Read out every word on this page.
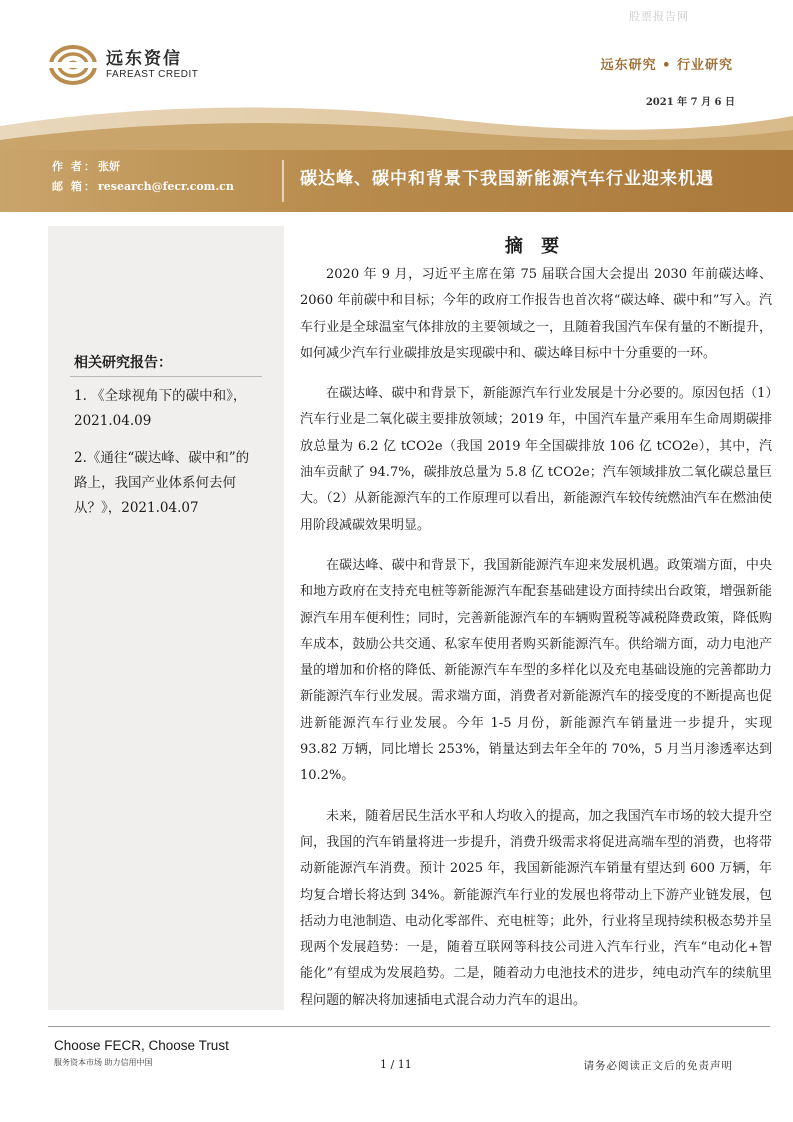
股票报告网
远东资信
FAREAST CREDIT
远东研究 • 行业研究
2021 年 7 月 6 日
作 者：张妍
邮 箱：research@fecr.com.cn	碳达峰、碳中和背景下我国新能源汽车行业迎来机遇
相关研究报告：
1. 《全球视角下的碳中和》，2021.04.09
2.《通往“碳达峰、碳中和”的路上，我国产业体系何去何从？》，2021.04.07
摘 要

2020 年 9 月，习近平主席在第 75 届联合国大会提出 2030 年前碳达峰、2060 年前碳中和目标；今年的政府工作报告也首次将“碳达峰、碳中和”写入。汽车行业是全球温室气体排放的主要领域之一，且随着我国汽车保有量的不断提升，如何减少汽车行业碳排放是实现碳中和、碳达峰目标中十分重要的一环。

在碳达峰、碳中和背景下，新能源汽车行业发展是十分必要的。原因包括（1）汽车行业是二氧化碳主要排放领域；2019 年，中国汽车量产乘用车生命周期碳排放总量为 6.2 亿 tCO2e（我国 2019 年全国碳排放 106 亿 tCO2e），其中，汽油车贡献了 94.7%，碳排放总量为 5.8 亿 tCO2e；汽车领域排放二氧化碳总量巨大。（2）从新能源汽车的工作原理可以看出，新能源汽车较传统燃油汽车在燃油使用阶段减碳效果明显。

在碳达峰、碳中和背景下，我国新能源汽车迎来发展机遇。政策端方面，中央和地方政府在支持充电桩等新能源汽车配套基础建设方面持续出台政策，增强新能源汽车用车便利性；同时，完善新能源汽车的车辆购置税等减税降费政策，降低购车成本，鼓励公共交通、私家车使用者购买新能源汽车。供给端方面，动力电池产量的增加和价格的降低、新能源汽车车型的多样化以及充电基础设施的完善都助力新能源汽车行业发展。需求端方面，消费者对新能源汽车的接受度的不断提高也促进新能源汽车行业发展。今年 1-5 月份，新能源汽车销量进一步提升，实现 93.82 万辆，同比增长 253%，销量达到去年全年的 70%，5 月当月渗透率达到 10.2%。

未来，随着居民生活水平和人均收入的提高，加之我国汽车市场的较大提升空间，我国的汽车销量将进一步提升，消费升级需求将促进高端车型的消费，也将带动新能源汽车消费。预计 2025 年，我国新能源汽车销量有望达到 600 万辆，年均复合增长将达到 34%。新能源汽车行业的发展也将带动上下游产业链发展，包括动力电池制造、电动化零部件、充电桩等；此外，行业将呈现持续积极态势并呈现两个发展趋势：一是，随着互联网等科技公司进入汽车行业，汽车“电动化+智能化”有望成为发展趋势。二是，随着动力电池技术的进步，纯电动汽车的续航里程问题的解决将加速插电式混合动力汽车的退出。

Choose FECR, Choose Trust
服务资本市场 助力信用中国	1 / 11	请务必阅读正文后的免责声明
